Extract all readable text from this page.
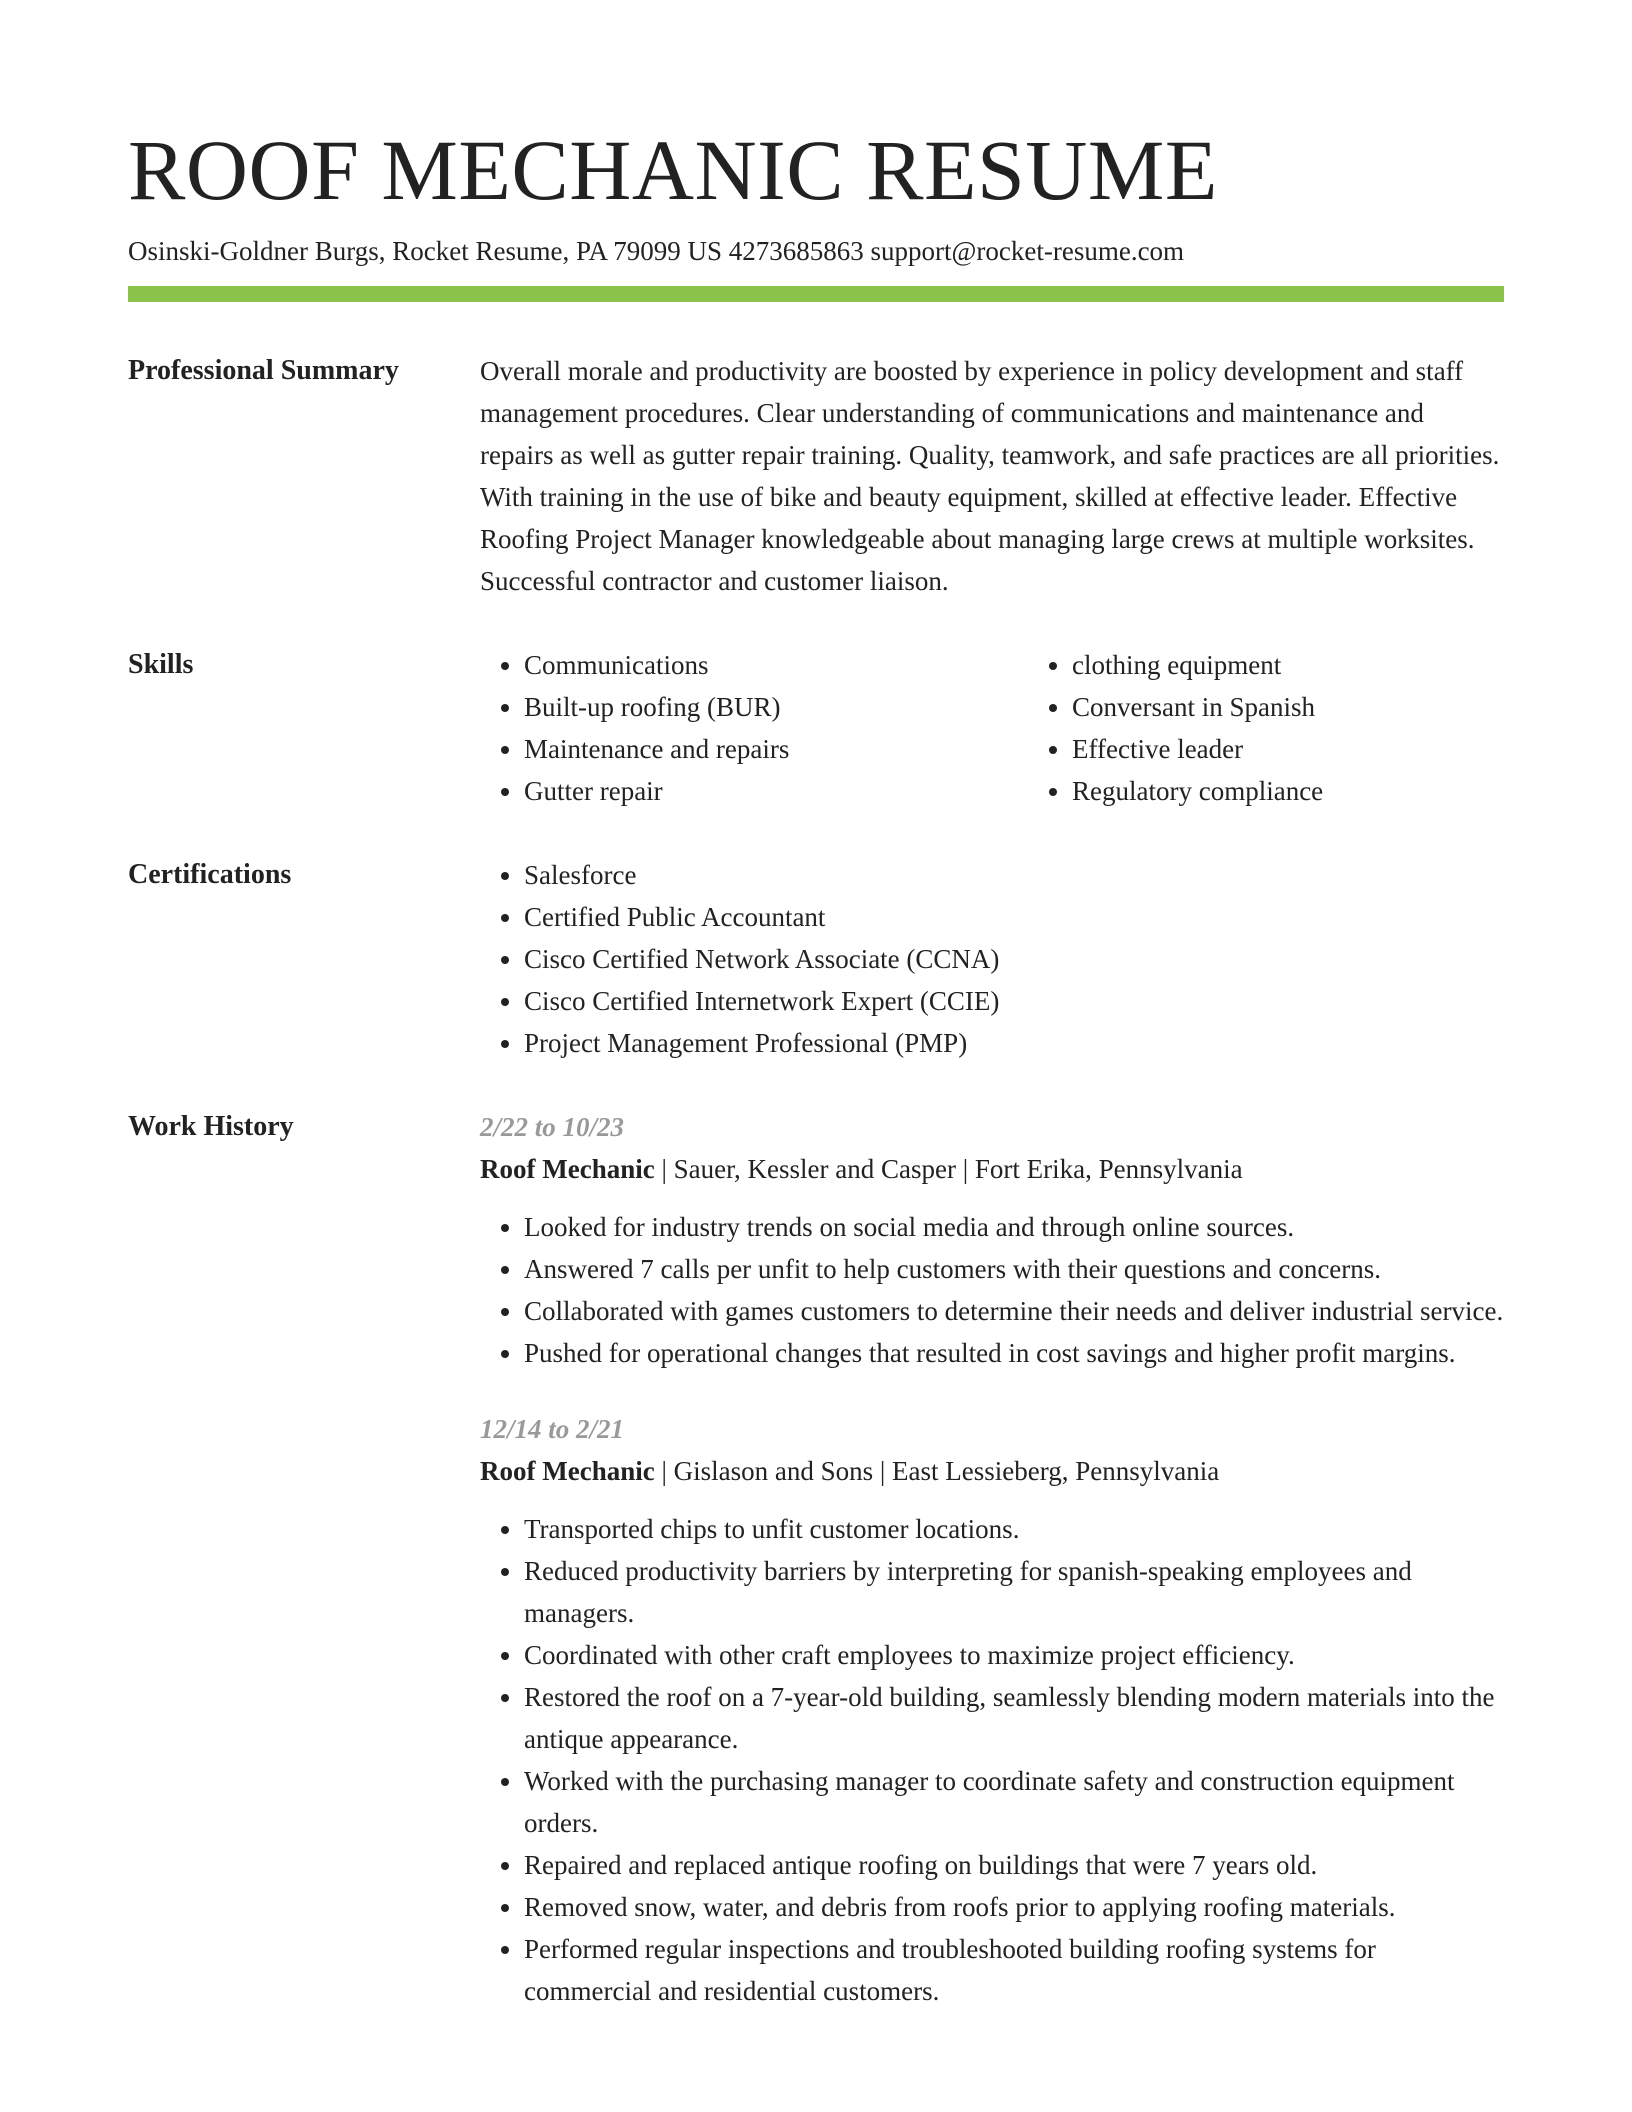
ROOF MECHANIC RESUME
Osinski-Goldner Burgs, Rocket Resume, PA 79099 US 4273685863 support@rocket-resume.com
Professional Summary	Overall morale and productivity are boosted by experience in policy development and staff management procedures. Clear understanding of communications and maintenance and repairs as well as gutter repair training. Quality, teamwork, and safe practices are all priorities. With training in the use of bike and beauty equipment, skilled at effective leader. Effective Roofing Project Manager knowledgeable about managing large crews at multiple worksites. Successful contractor and customer liaison.

Skills	• Communications
• Built-up roofing (BUR)
• Maintenance and repairs
• Gutter repair
• clothing equipment
• Conversant in Spanish
• Effective leader
• Regulatory compliance
Certifications	• Salesforce
• Certified Public Accountant
• Cisco Certified Network Associate (CCNA)
• Cisco Certified Internetwork Expert (CCIE)
• Project Management Professional (PMP)
Work History	2/22 to 10/23
Roof Mechanic | Sauer, Kessler and Casper | Fort Erika, Pennsylvania
• Looked for industry trends on social media and through online sources.
• Answered 7 calls per unfit to help customers with their questions and concerns.
• Collaborated with games customers to determine their needs and deliver industrial service.
• Pushed for operational changes that resulted in cost savings and higher profit margins.
12/14 to 2/21
Roof Mechanic | Gislason and Sons | East Lessieberg, Pennsylvania
• Transported chips to unfit customer locations.
• Reduced productivity barriers by interpreting for spanish-speaking employees and managers.
• Coordinated with other craft employees to maximize project efficiency.
• Restored the roof on a 7-year-old building, seamlessly blending modern materials into the antique appearance.
• Worked with the purchasing manager to coordinate safety and construction equipment orders.
• Repaired and replaced antique roofing on buildings that were 7 years old.
• Removed snow, water, and debris from roofs prior to applying roofing materials.
• Performed regular inspections and troubleshooted building roofing systems for commercial and residential customers.
